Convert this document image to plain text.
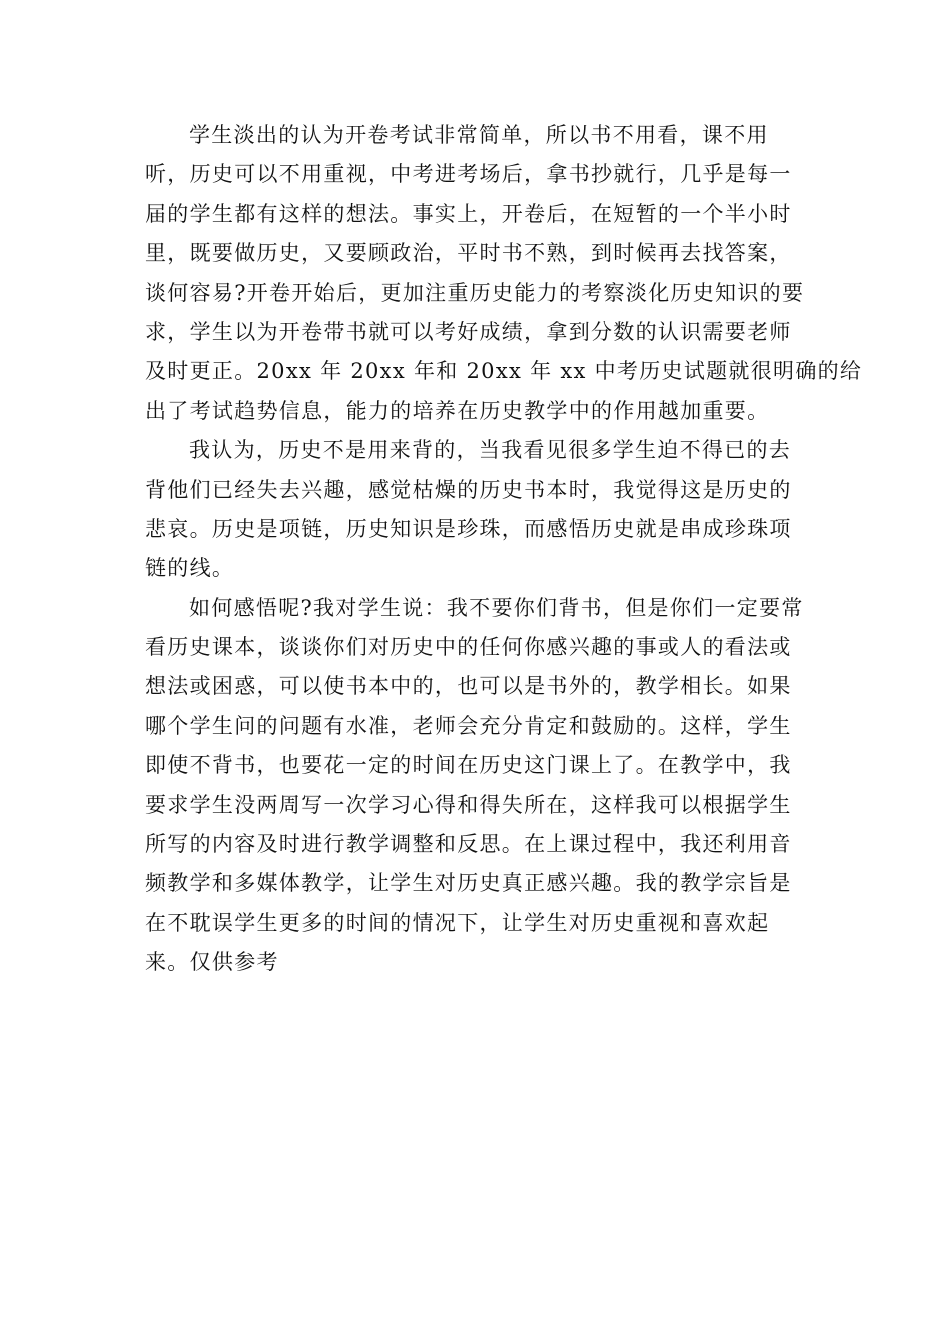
学生淡出的认为开卷考试非常简单，所以书不用看，课不用
听，历史可以不用重视，中考进考场后，拿书抄就行，几乎是每一
届的学生都有这样的想法。事实上，开卷后，在短暂的一个半小时
里，既要做历史，又要顾政治，平时书不熟，到时候再去找答案，
谈何容易?开卷开始后，更加注重历史能力的考察淡化历史知识的要
求，学生以为开卷带书就可以考好成绩，拿到分数的认识需要老师
及时更正。20xx 年 20xx 年和 20xx 年 xx 中考历史试题就很明确的给
出了考试趋势信息，能力的培养在历史教学中的作用越加重要。
我认为，历史不是用来背的，当我看见很多学生迫不得已的去
背他们已经失去兴趣，感觉枯燥的历史书本时，我觉得这是历史的
悲哀。历史是项链，历史知识是珍珠，而感悟历史就是串成珍珠项
链的线。
如何感悟呢?我对学生说：我不要你们背书，但是你们一定要常
看历史课本，谈谈你们对历史中的任何你感兴趣的事或人的看法或
想法或困惑，可以使书本中的，也可以是书外的，教学相长。如果
哪个学生问的问题有水准，老师会充分肯定和鼓励的。这样，学生
即使不背书，也要花一定的时间在历史这门课上了。在教学中，我
要求学生没两周写一次学习心得和得失所在，这样我可以根据学生
所写的内容及时进行教学调整和反思。在上课过程中，我还利用音
频教学和多媒体教学，让学生对历史真正感兴趣。我的教学宗旨是
在不耽误学生更多的时间的情况下，让学生对历史重视和喜欢起
来。仅供参考
